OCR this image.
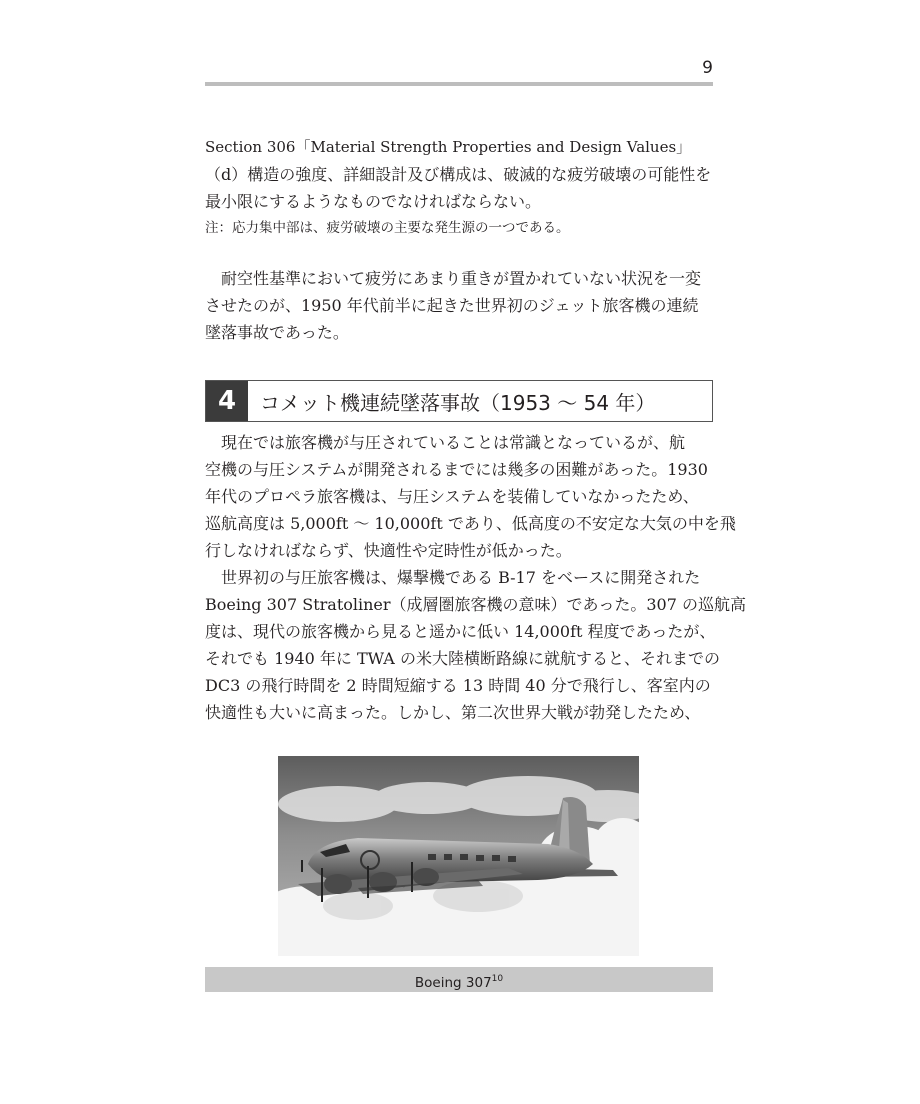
9
Section 306「Material Strength Properties and Design Values」
（d）構造の強度、詳細設計及び構成は、破滅的な疲労破壊の可能性を
最小限にするようなものでなければならない。
注：応力集中部は、疲労破壊の主要な発生源の一つである。
耐空性基準において疲労にあまり重きが置かれていない状況を一変
させたのが、1950 年代前半に起きた世界初のジェット旅客機の連続
墜落事故であった。
4	コメット機連続墜落事故（1953 ～ 54 年）
現在では旅客機が与圧されていることは常識となっているが、航
空機の与圧システムが開発されるまでには幾多の困難があった。1930
年代のプロペラ旅客機は、与圧システムを装備していなかったため、
巡航高度は 5,000ft ～ 10,000ft であり、低高度の不安定な大気の中を飛
行しなければならず、快適性や定時性が低かった。
世界初の与圧旅客機は、爆撃機である B-17 をベースに開発された
Boeing 307 Stratoliner（成層圏旅客機の意味）であった。307 の巡航高
度は、現代の旅客機から見ると遥かに低い 14,000ft 程度であったが、
それでも 1940 年に TWA の米大陸横断路線に就航すると、それまでの
DC3 の飛行時間を 2 時間短縮する 13 時間 40 分で飛行し、客室内の
快適性も大いに高まった。しかし、第二次世界大戦が勃発したため、
Boeing $307^{10}$
